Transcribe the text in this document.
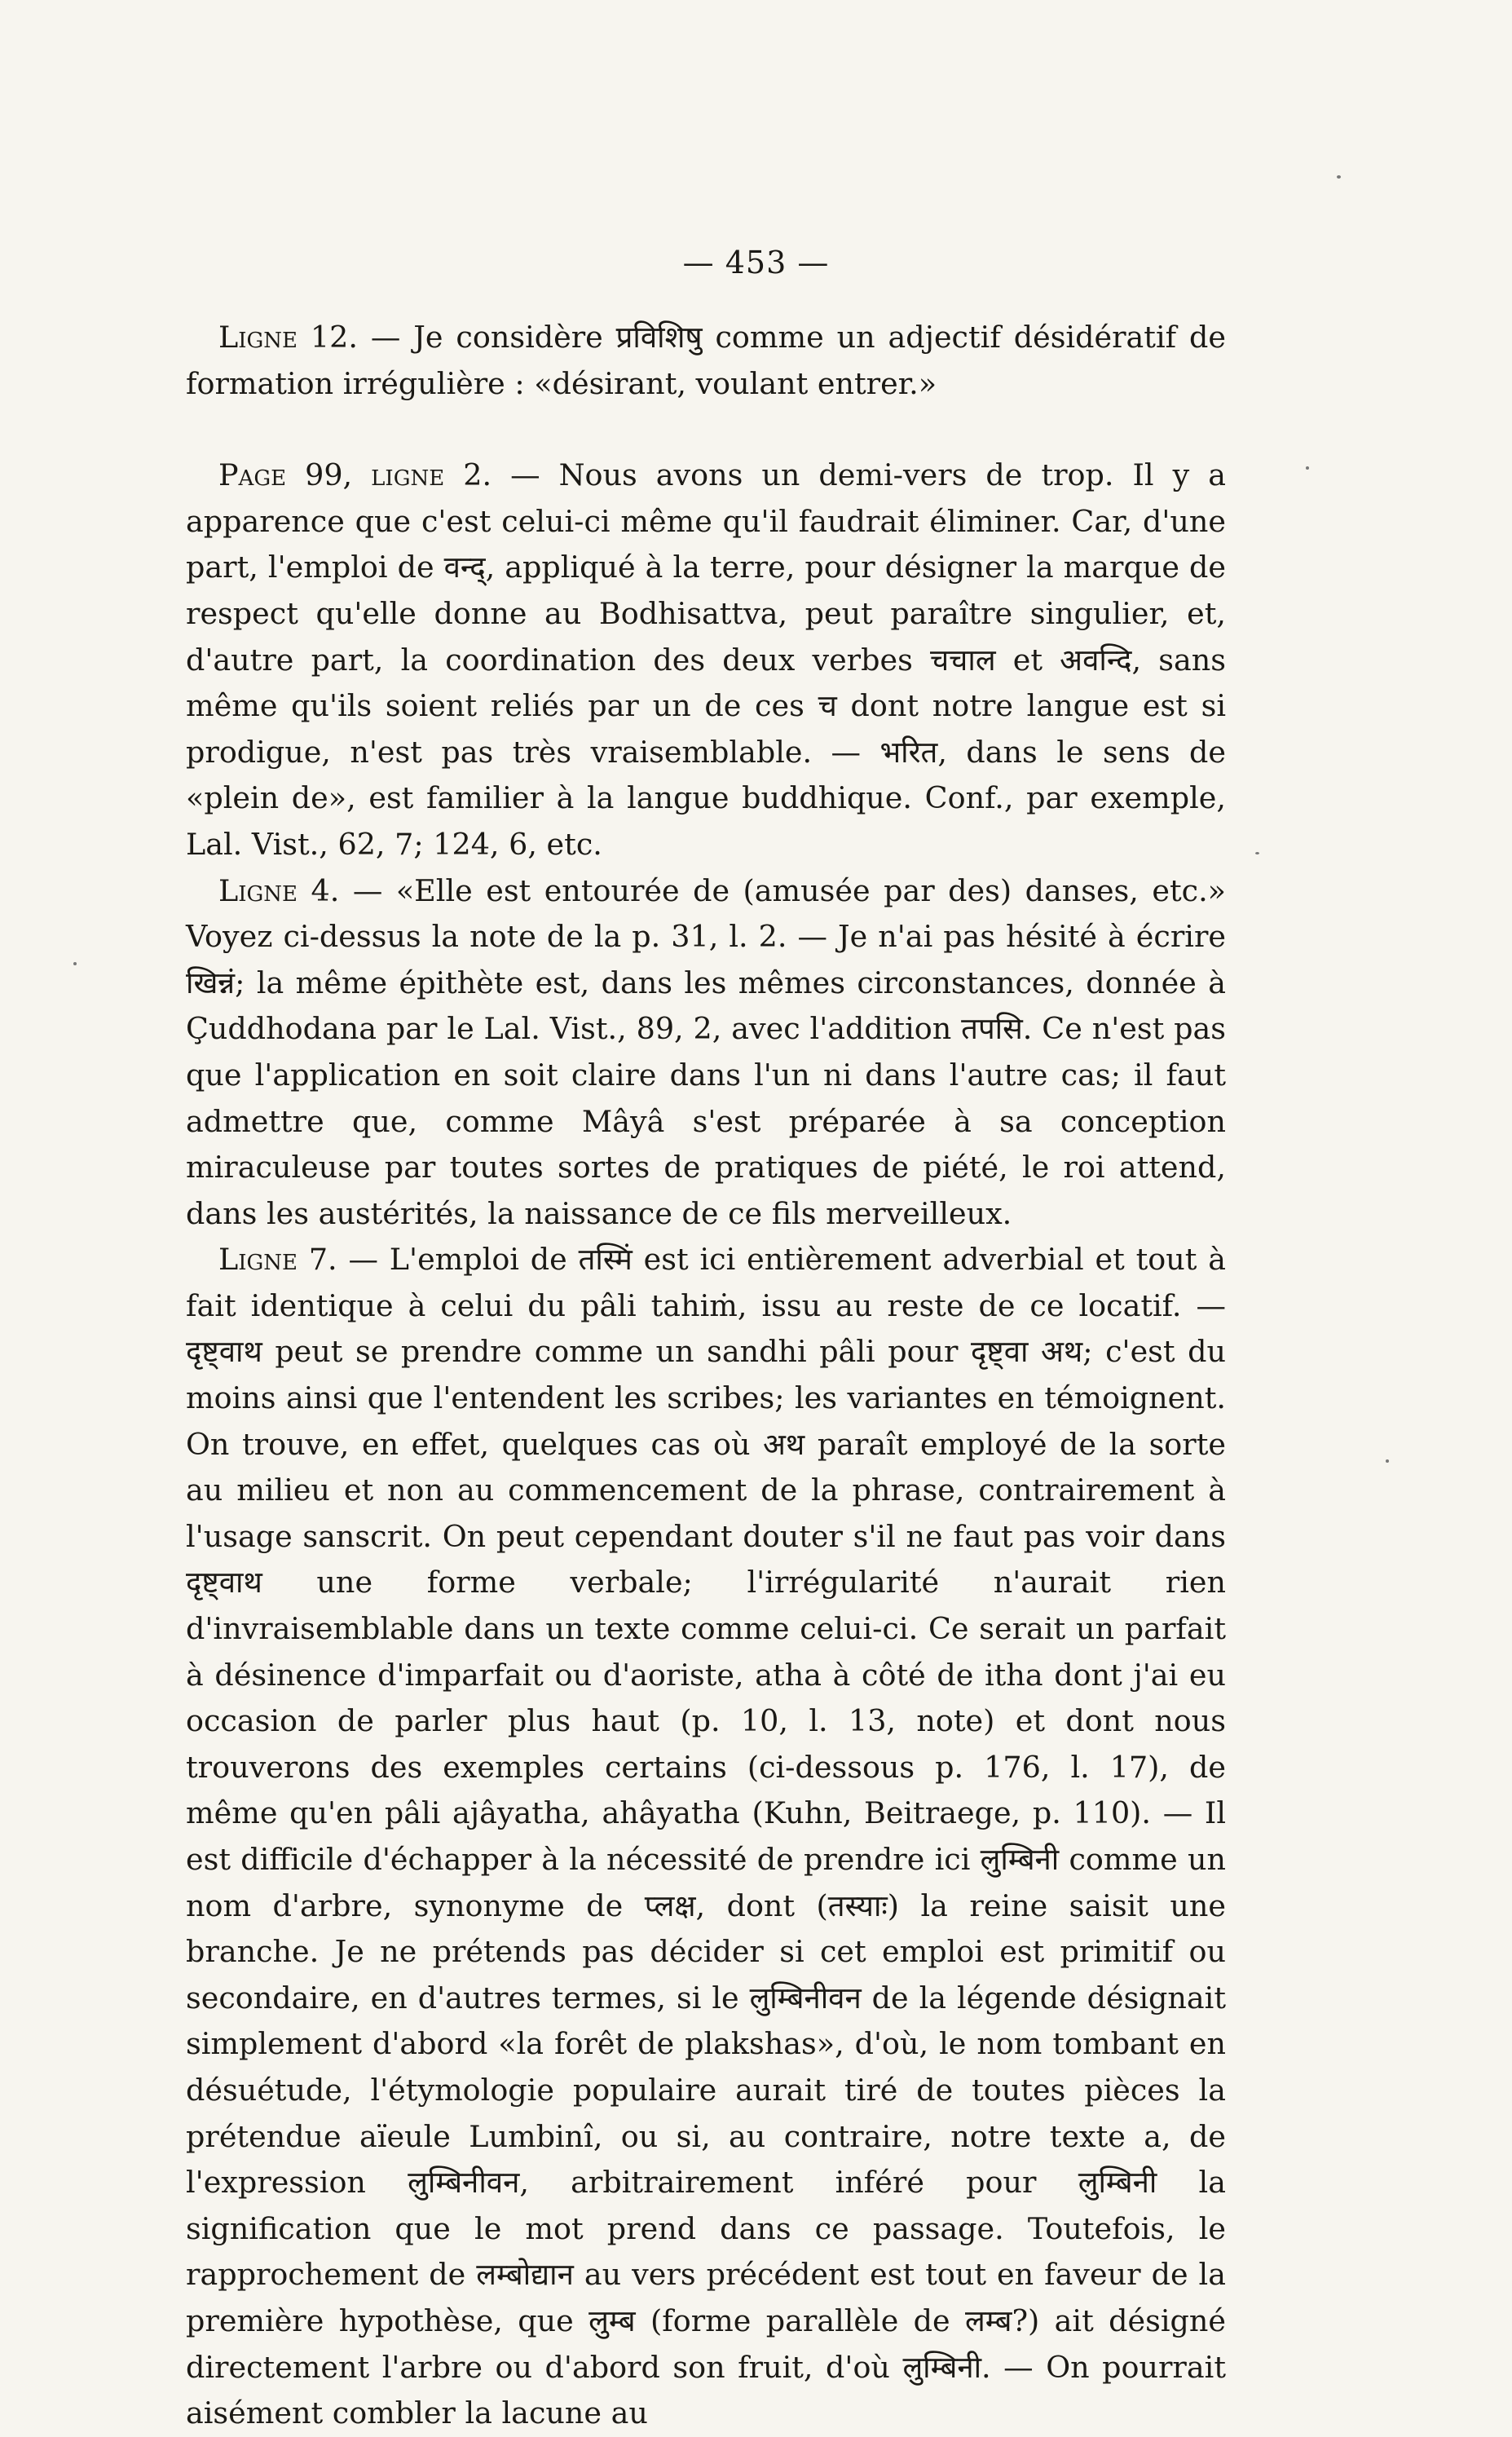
— 453 —

Ligne 12. — Je considère प्रविशिषु comme un adjectif désidératif de formation irrégulière : «désirant, voulant entrer.»

Page 99, ligne 2. — Nous avons un demi-vers de trop. Il y a apparence que c'est celui-ci même qu'il faudrait éliminer. Car, d'une part, l'emploi de वन्द्, appliqué à la terre, pour désigner la marque de respect qu'elle donne au Bodhisattva, peut paraître singulier, et, d'autre part, la coordination des deux verbes चचाल et अवन्दि, sans même qu'ils soient reliés par un de ces च dont notre langue est si prodigue, n'est pas très vraisemblable. — भरित, dans le sens de «plein de», est familier à la langue buddhique. Conf., par exemple, Lal. Vist., 62, 7; 124, 6, etc.

Ligne 4. — «Elle est entourée de (amusée par des) danses, etc.» Voyez ci-dessus la note de la p. 31, l. 2. — Je n'ai pas hésité à écrire खिन्नं; la même épithète est, dans les mêmes circonstances, donnée à Çuddhodana par le Lal. Vist., 89, 2, avec l'addition तपसि. Ce n'est pas que l'application en soit claire dans l'un ni dans l'autre cas; il faut admettre que, comme Mâyâ s'est préparée à sa conception miraculeuse par toutes sortes de pratiques de piété, le roi attend, dans les austérités, la naissance de ce fils merveilleux.

Ligne 7. — L'emploi de तस्मिं est ici entièrement adverbial et tout à fait identique à celui du pâli tahiṁ, issu au reste de ce locatif. — दृष्ट्वाथ peut se prendre comme un sandhi pâli pour दृष्ट्वा अथ; c'est du moins ainsi que l'entendent les scribes; les variantes en témoignent. On trouve, en effet, quelques cas où अथ paraît employé de la sorte au milieu et non au commencement de la phrase, contrairement à l'usage sanscrit. On peut cependant douter s'il ne faut pas voir dans दृष्ट्वाथ une forme verbale; l'irrégularité n'aurait rien d'invraisemblable dans un texte comme celui-ci. Ce serait un parfait à désinence d'imparfait ou d'aoriste, atha à côté de itha dont j'ai eu occasion de parler plus haut (p. 10, l. 13, note) et dont nous trouverons des exemples certains (ci-dessous p. 176, l. 17), de même qu'en pâli ajâyatha, ahâyatha (Kuhn, Beitraege, p. 110). — Il est difficile d'échapper à la nécessité de prendre ici लुम्बिनी comme un nom d'arbre, synonyme de प्लक्ष, dont (तस्याः) la reine saisit une branche. Je ne prétends pas décider si cet emploi est primitif ou secondaire, en d'autres termes, si le लुम्बिनीवन de la légende désignait simplement d'abord «la forêt de plakshas», d'où, le nom tombant en désuétude, l'étymologie populaire aurait tiré de toutes pièces la prétendue aïeule Lumbinî, ou si, au contraire, notre texte a, de l'expression लुम्बिनीवन, arbitrairement inféré pour लुम्बिनी la signification que le mot prend dans ce passage. Toutefois, le rapprochement de लम्बोद्यान au vers précédent est tout en faveur de la première hypothèse, que लुम्ब (forme parallèle de लम्ब?) ait désigné directement l'arbre ou d'abord son fruit, d'où लुम्बिनी. — On pourrait aisément combler la lacune au
